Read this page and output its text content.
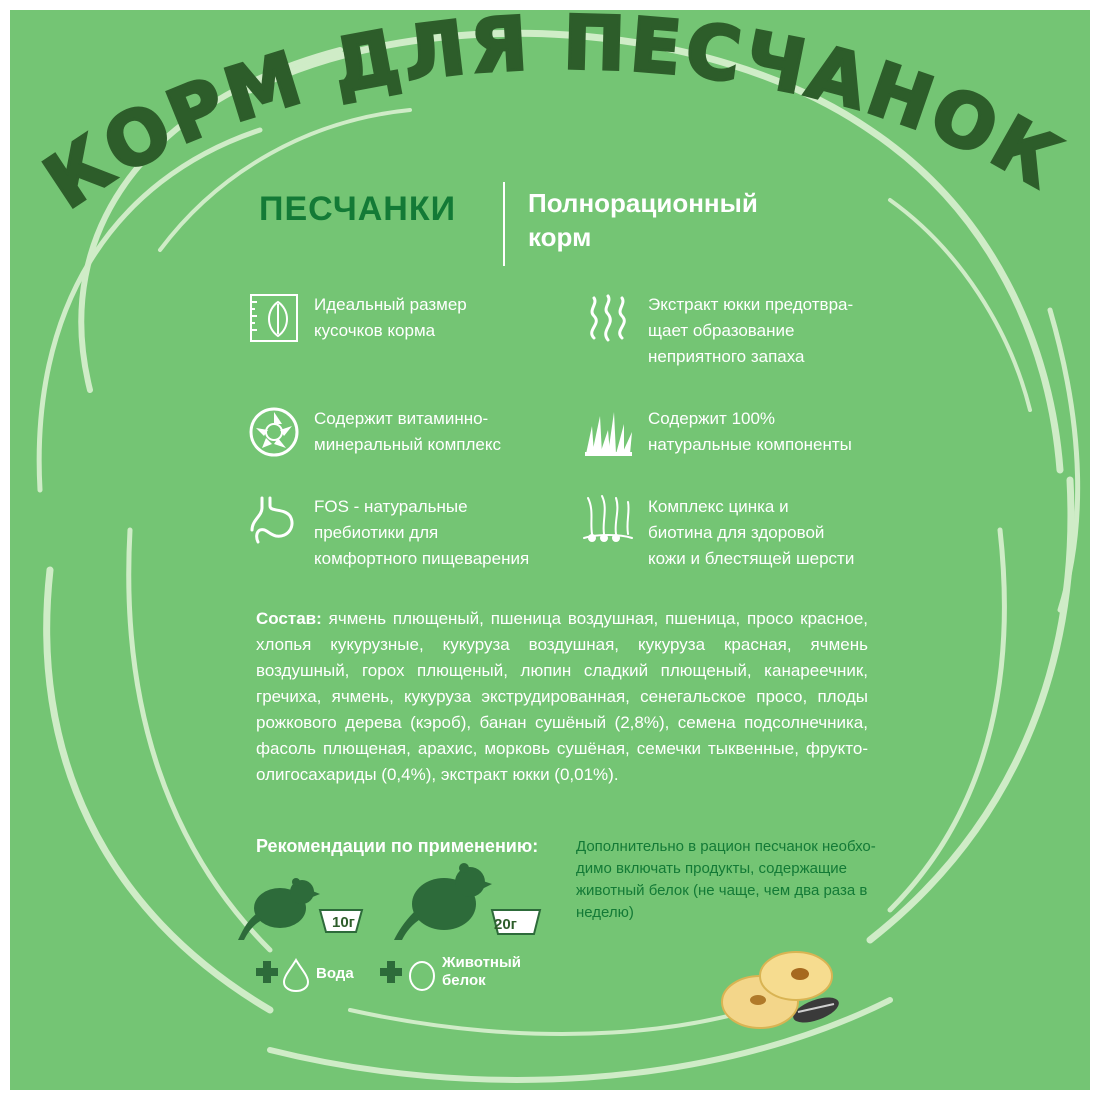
КОРМ ДЛЯ ПЕСЧАНОК
ПЕСЧАНКИ	Полнорационный
корм
Идеальный размер
кусочков корма
Экстракт юкки предотвра-
щает образование
неприятного запаха
Содержит витаминно-
минеральный комплекс
Содержит 100%
натуральные компоненты
FOS - натуральные
пребиотики для
комфортного пищеварения
Комплекс цинка и
биотина для здоровой
кожи и блестящей шерсти
Состав: ячмень плющеный, пшеница воздушная, пшеница, просо красное, хлопья кукурузные, кукуруза воздушная, кукуруза красная, ячмень воздушный, горох плющеный, люпин сладкий плющеный, канареечник, гречиха, ячмень, кукуруза экструдированная, сенегальское просо, плоды рожкового дерева (кэроб), банан сушёный (2,8%), семена подсолнечника, фасоль плющеная, арахис, морковь сушёная, семечки тыквенные, фрукто-олигосахариды (0,4%), экстракт юкки (0,01%).
Рекомендации по применению:	Дополнительно в рацион песчанок необхо-димо включать продукты, содержащие животный белок (не чаще, чем два раза в неделю)
10г	20г
Вода
Животный
белок
